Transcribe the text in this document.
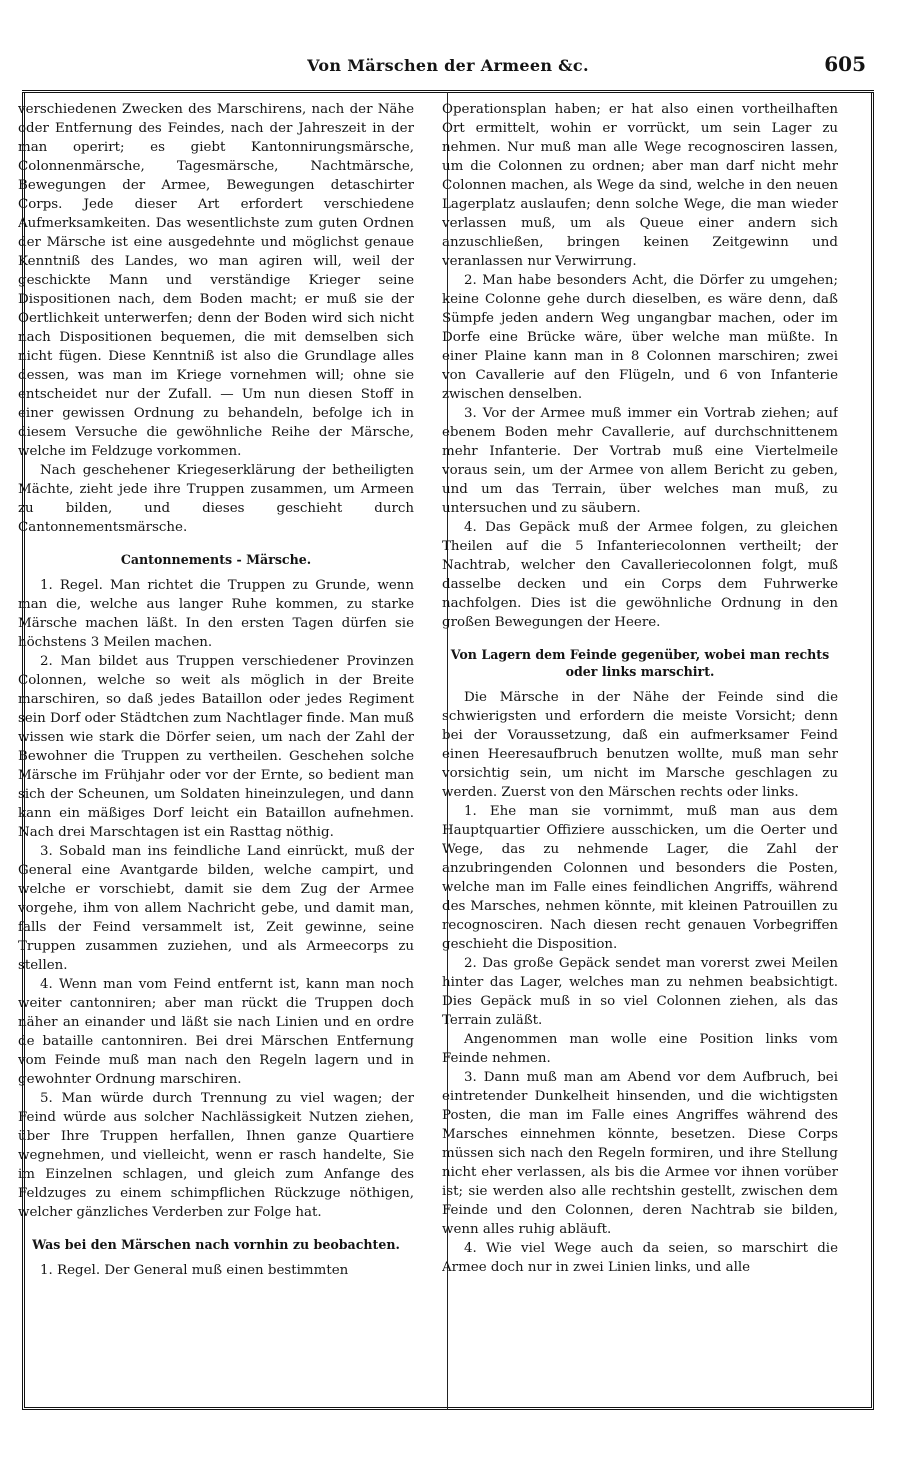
Von Märschen der Armeen &c.	605

verschiedenen Zwecken des Marschirens, nach der Nähe oder Entfernung des Feindes, nach der Jahreszeit in der man operirt; es giebt Kantonnirungsmärsche, Colonnenmärsche, Tagesmärsche, Nachtmärsche, Bewegungen der Armee, Bewegungen detaschirter Corps. Jede dieser Art erfordert verschiedene Aufmerksamkeiten. Das wesentlichste zum guten Ordnen der Märsche ist eine ausgedehnte und möglichst genaue Kenntniß des Landes, wo man agiren will, weil der geschickte Mann und verständige Krieger seine Dispositionen nach, dem Boden macht; er muß sie der Oertlichkeit unterwerfen; denn der Boden wird sich nicht nach Dispositionen bequemen, die mit demselben sich nicht fügen. Diese Kenntniß ist also die Grundlage alles dessen, was man im Kriege vornehmen will; ohne sie entscheidet nur der Zufall. — Um nun diesen Stoff in einer gewissen Ordnung zu behandeln, befolge ich in diesem Versuche die gewöhnliche Reihe der Märsche, welche im Feldzuge vorkommen.

Nach geschehener Kriegeserklärung der betheiligten Mächte, zieht jede ihre Truppen zusammen, um Armeen zu bilden, und dieses geschieht durch Cantonnementsmärsche.

Cantonnements - Märsche.

1. Regel. Man richtet die Truppen zu Grunde, wenn man die, welche aus langer Ruhe kommen, zu starke Märsche machen läßt. In den ersten Tagen dürfen sie höchstens 3 Meilen machen.

2. Man bildet aus Truppen verschiedener Provinzen Colonnen, welche so weit als möglich in der Breite marschiren, so daß jedes Bataillon oder jedes Regiment sein Dorf oder Städtchen zum Nachtlager finde. Man muß wissen wie stark die Dörfer seien, um nach der Zahl der Bewohner die Truppen zu vertheilen. Geschehen solche Märsche im Frühjahr oder vor der Ernte, so bedient man sich der Scheunen, um Soldaten hineinzulegen, und dann kann ein mäßiges Dorf leicht ein Bataillon aufnehmen. Nach drei Marschtagen ist ein Rasttag nöthig.

3. Sobald man ins feindliche Land einrückt, muß der General eine Avantgarde bilden, welche campirt, und welche er vorschiebt, damit sie dem Zug der Armee vorgehe, ihm von allem Nachricht gebe, und damit man, falls der Feind versammelt ist, Zeit gewinne, seine Truppen zusammen zuziehen, und als Armeecorps zu stellen.

4. Wenn man vom Feind entfernt ist, kann man noch weiter cantonniren; aber man rückt die Truppen doch näher an einander und läßt sie nach Linien und en ordre de bataille cantonniren. Bei drei Märschen Entfernung vom Feinde muß man nach den Regeln lagern und in gewohnter Ordnung marschiren.

5. Man würde durch Trennung zu viel wagen; der Feind würde aus solcher Nachlässigkeit Nutzen ziehen, über Ihre Truppen herfallen, Ihnen ganze Quartiere wegnehmen, und vielleicht, wenn er rasch handelte, Sie im Einzelnen schlagen, und gleich zum Anfange des Feldzuges zu einem schimpflichen Rückzuge nöthigen, welcher gänzliches Verderben zur Folge hat.

Was bei den Märschen nach vornhin zu beobachten.

1. Regel. Der General muß einen bestimmten

Operationsplan haben; er hat also einen vortheilhaften Ort ermittelt, wohin er vorrückt, um sein Lager zu nehmen. Nur muß man alle Wege recognosciren lassen, um die Colonnen zu ordnen; aber man darf nicht mehr Colonnen machen, als Wege da sind, welche in den neuen Lagerplatz auslaufen; denn solche Wege, die man wieder verlassen muß, um als Queue einer andern sich anzuschließen, bringen keinen Zeitgewinn und veranlassen nur Verwirrung.

2. Man habe besonders Acht, die Dörfer zu umgehen; keine Colonne gehe durch dieselben, es wäre denn, daß Sümpfe jeden andern Weg ungangbar machen, oder im Dorfe eine Brücke wäre, über welche man müßte. In einer Plaine kann man in 8 Colonnen marschiren; zwei von Cavallerie auf den Flügeln, und 6 von Infanterie zwischen denselben.

3. Vor der Armee muß immer ein Vortrab ziehen; auf ebenem Boden mehr Cavallerie, auf durchschnittenem mehr Infanterie. Der Vortrab muß eine Viertelmeile voraus sein, um der Armee von allem Bericht zu geben, und um das Terrain, über welches man muß, zu untersuchen und zu säubern.

4. Das Gepäck muß der Armee folgen, zu gleichen Theilen auf die 5 Infanteriecolonnen vertheilt; der Nachtrab, welcher den Cavalleriecolonnen folgt, muß dasselbe decken und ein Corps dem Fuhrwerke nachfolgen. Dies ist die gewöhnliche Ordnung in den großen Bewegungen der Heere.

Von Lagern dem Feinde gegenüber, wobei man rechts oder links marschirt.

Die Märsche in der Nähe der Feinde sind die schwierigsten und erfordern die meiste Vorsicht; denn bei der Voraussetzung, daß ein aufmerksamer Feind einen Heeresaufbruch benutzen wollte, muß man sehr vorsichtig sein, um nicht im Marsche geschlagen zu werden. Zuerst von den Märschen rechts oder links.

1. Ehe man sie vornimmt, muß man aus dem Hauptquartier Offiziere ausschicken, um die Oerter und Wege, das zu nehmende Lager, die Zahl der anzubringenden Colonnen und besonders die Posten, welche man im Falle eines feindlichen Angriffs, während des Marsches, nehmen könnte, mit kleinen Patrouillen zu recognosciren. Nach diesen recht genauen Vorbegriffen geschieht die Disposition.

2. Das große Gepäck sendet man vorerst zwei Meilen hinter das Lager, welches man zu nehmen beabsichtigt. Dies Gepäck muß in so viel Colonnen ziehen, als das Terrain zuläßt.

Angenommen man wolle eine Position links vom Feinde nehmen.

3. Dann muß man am Abend vor dem Aufbruch, bei eintretender Dunkelheit hinsenden, und die wichtigsten Posten, die man im Falle eines Angriffes während des Marsches einnehmen könnte, besetzen. Diese Corps müssen sich nach den Regeln formiren, und ihre Stellung nicht eher verlassen, als bis die Armee vor ihnen vorüber ist; sie werden also alle rechtshin gestellt, zwischen dem Feinde und den Colonnen, deren Nachtrab sie bilden, wenn alles ruhig abläuft.

4. Wie viel Wege auch da seien, so marschirt die Armee doch nur in zwei Linien links, und alle
